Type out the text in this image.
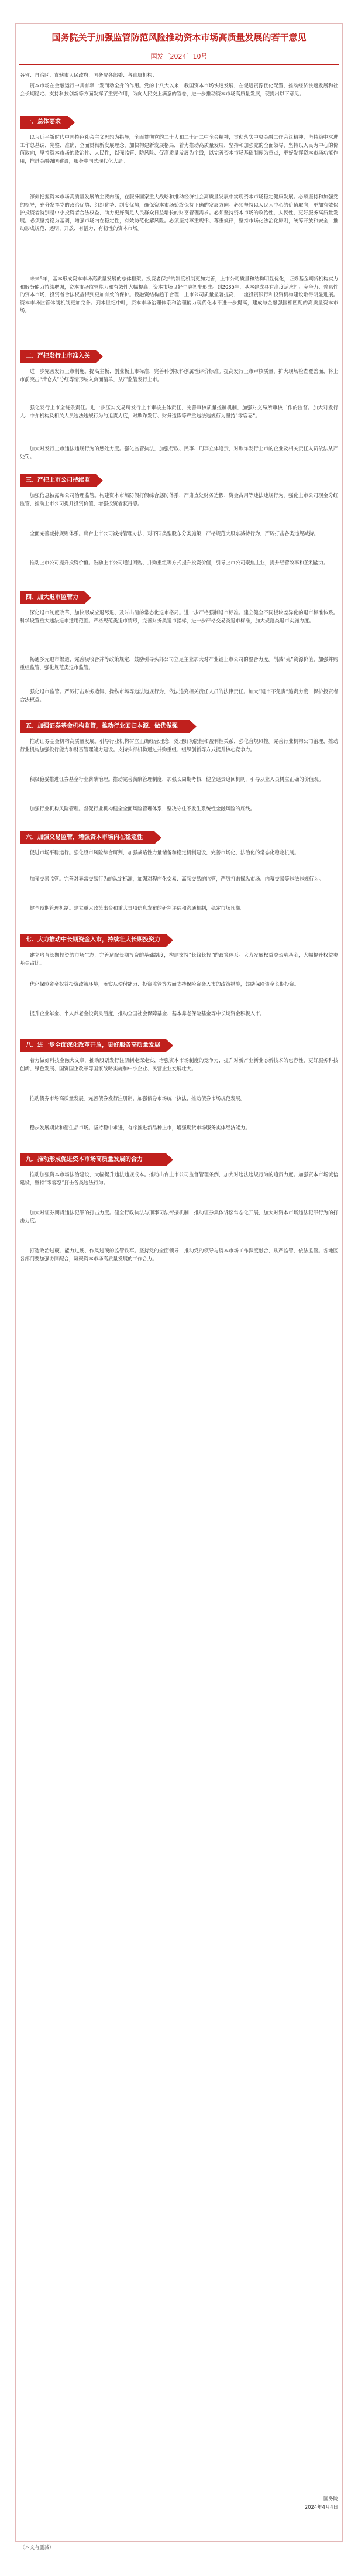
国务院关于加强监管防范风险推动资本市场高质量发展的若干意见
国发〔2024〕10号
各省、自治区、直辖市人民政府，国务院各部委、各直属机构：
资本市场在金融运行中具有牵一发而动全身的作用。党的十八大以来，我国资本市场快速发展，在促进资源优化配置、推动经济快速发展和社会长期稳定、支持科技创新等方面发挥了重要作用，为向人民交上满意的答卷，进一步推动资本市场高质量发展，现提出以下意见。
一、总体要求
以习近平新时代中国特色社会主义思想为指导，全面贯彻党的二十大和二十届二中全会精神，贯彻落实中央金融工作会议精神，坚持稳中求进工作总基调，完整、准确、全面贯彻新发展理念，加快构建新发展格局，着力推动高质量发展，坚持和加强党的全面领导，坚持以人民为中心的价值取向，坚持资本市场的政治性、人民性，以强监管、防风险、促高质量发展为主线，以完善资本市场基础制度为重点，更好发挥资本市场功能作用，推进金融强国建设，服务中国式现代化大局。
深刻把握资本市场高质量发展的主要内涵，在服务国家重大战略和推动经济社会高质量发展中实现资本市场稳定健康发展。必须坚持和加强党的领导，充分发挥党的政治优势、组织优势、制度优势，确保资本市场始终保持正确的发展方向。必须坚持以人民为中心的价值取向，更加有效保护投资者特别是中小投资者合法权益，助力更好满足人民群众日益增长的财富管理需求。必须坚持资本市场的政治性、人民性，更好服务高质量发展。必须坚持稳为基调，增强市场内在稳定性，有效防范化解风险。必须坚持尊重规律、尊重规律，坚持市场化法治化原则，统筹开放和安全，推动形成规范、透明、开放、有活力、有韧性的资本市场。
未来5年，基本形成资本市场高质量发展的总体框架。投资者保护的制度机制更加完善，上市公司质量和结构明显优化，证券基金期货机构实力和服务能力持续增强，资本市场监管能力和有效性大幅提高，资本市场良好生态初步形成。到2035年，基本建成具有高度适应性、竞争力、普惠性的资本市场，投资者合法权益得到更加有效的保护。投融资结构趋于合理，上市公司质量显著提高，一流投资银行和投资机构建设取得明显进展。资本市场监管体制机制更加完备。到本世纪中叶，资本市场治理体系和治理能力现代化水平进一步提高，建成与金融强国相匹配的高质量资本市场。
二、严把发行上市准入关
进一步完善发行上市制度。提高主板、创业板上市标准，完善科创板科创属性评价标准。提高发行上市审核质量，扩大现场检查覆盖面，将上市前突击“清仓式”分红等情形纳入负面清单，从严监管发行上市。
强化发行上市全链条责任。进一步压实交易所发行上市审核主体责任，完善审核质量控制机制，加强对交易所审核工作的监督。加大对发行人、中介机构及相关人员违法违规行为的追责力度，对欺诈发行、财务造假等严重违法违规行为坚持“零容忍”。
加大对发行上市违法违规行为的惩处力度。强化监管执法，加强行政、民事、刑事立体追责，对欺诈发行上市的企业及相关责任人员依法从严处罚。
三、严把上市公司持续监管
加强信息披露和公司治理监管。构建资本市场防假打假综合惩防体系，严肃查处财务造假、资金占用等违法违规行为。强化上市公司现金分红监管，推动上市公司提升投资价值，增强投资者获得感。
全面完善减持规则体系。出台上市公司减持管理办法，对不同类型股东分类施策，严格规范大股东减持行为，严厉打击各类违规减持。
推动上市公司提升投资价值。鼓励上市公司通过回购、并购重组等方式提升投资价值，引导上市公司聚焦主业，提升经营效率和盈利能力。
四、加大退市监管力度
深化退市制度改革，加快形成应退尽退、及时出清的常态化退市格局。进一步严格强制退市标准。建立健全不同板块差异化的退市标准体系。科学设置重大违法退市适用范围。严格规范类退市情形，完善财务类退市指标，进一步严格交易类退市标准，加大规范类退市实施力度。
畅通多元退市渠道，完善吸收合并等政策规定，鼓励引导头部公司立足主业加大对产业链上市公司的整合力度。削减“壳”资源价值，加强并购重组监管，强化规范类退市监管。
强化退市监管。严厉打击财务造假、操纵市场等违法违规行为，依法追究相关责任人员的法律责任。加大“退市不免责”追责力度，保护投资者合法权益。
五、加强证券基金机构监管，推动行业回归本源、做优做强
推动证券基金机构高质量发展。引导行业机构树立正确经营理念，处理好功能性和盈利性关系，强化合规风控。完善行业机构公司治理，推动行业机构加强投行能力和财富管理能力建设。支持头部机构通过并购重组、组织创新等方式提升核心竞争力。
积极稳妥推进证券基金行业薪酬治理。推动完善薪酬管理制度，加强长周期考核，健全追责追回机制，引导从业人员树立正确的价值观。
加强行业机构风险管理。督促行业机构健全全面风险管理体系，坚决守住不发生系统性金融风险的底线。
六、加强交易监管，增强资本市场内在稳定性
促进市场平稳运行。强化股市风险综合研判，加强战略性力量储备和稳定机制建设，完善市场化、法治化的常态化稳定机制。
加强交易监管。完善对异常交易行为的认定标准，加强对程序化交易、高频交易的监管，严厉打击操纵市场、内幕交易等违法违规行为。
健全预期管理机制。建立重大政策出台和重大事项信息发布的研判评估和沟通机制，稳定市场预期。
七、大力推动中长期资金入市，持续壮大长期投资力量
建立培育长期投资的市场生态，完善适配长期投资的基础制度，构建支持“长钱长投”的政策体系。大力发展权益类公募基金，大幅提升权益类基金占比。
优化保险资金权益投资政策环境，落实从偿付能力、投资监管等方面支持保险资金入市的政策措施，鼓励保险资金长期投资。
提升企业年金、个人养老金投资灵活度，推动全国社会保障基金、基本养老保险基金等中长期资金积极入市。
八、进一步全面深化改革开放，更好服务高质量发展
着力做好科技金融大文章，推动股票发行注册制走深走实，增强资本市场制度的竞争力，提升对新产业新业态新技术的包容性，更好服务科技创新、绿色发展、国资国企改革等国家战略实施和中小企业、民营企业发展壮大。
推动债券市场高质量发展。完善债券发行注册制，加强债券市场统一执法，推动债券市场规范发展。
稳步发展期货和衍生品市场。坚持稳中求进，有序推进新品种上市，增强期货市场服务实体经济能力。
九、推动形成促进资本市场高质量发展的合力
推动加强资本市场法治建设，大幅提升违法违规成本。推动出台上市公司监督管理条例，加大对违法违规行为的追责力度。加强资本市场诚信建设，坚持“零容忍”打击各类违法行为。
加大对证券期货违法犯罪的打击力度。健全行政执法与刑事司法衔接机制，推动证券集体诉讼常态化开展，加大对资本市场违法犯罪行为的打击力度。
打造政治过硬、能力过硬、作风过硬的监管铁军。坚持党的全面领导，推动党的领导与资本市场工作深度融合，从严监管，依法监管。各地区各部门要加强协同配合，凝聚资本市场高质量发展的工作合力。
国务院
2024年4月4日
（本文有删减）
